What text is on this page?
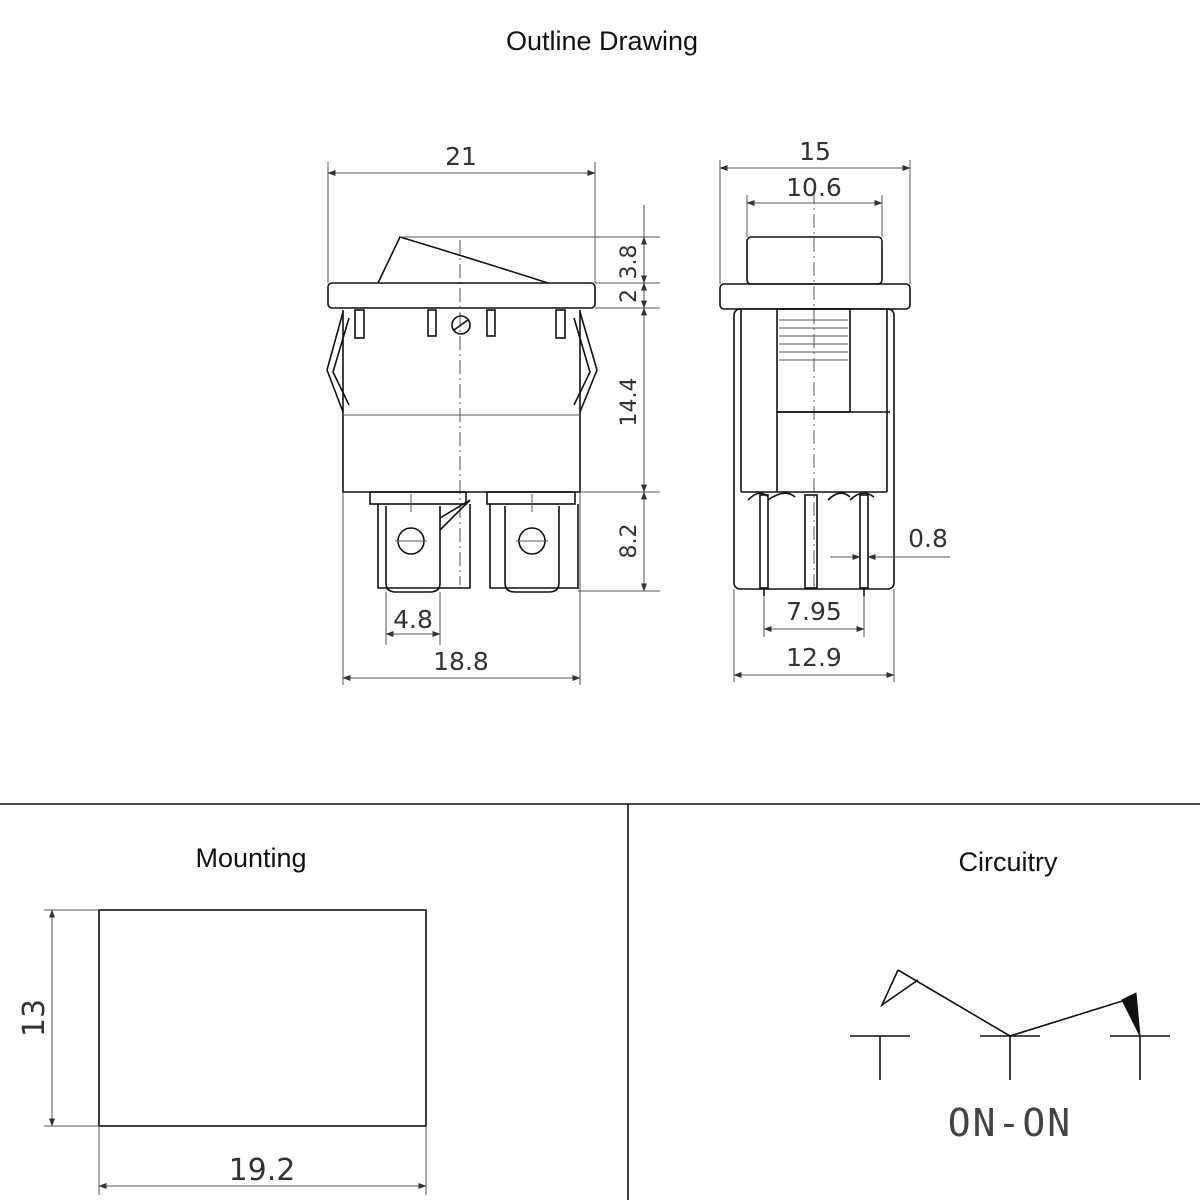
Outline Drawing
Mounting	Circuitry
21
3.8
2
14.4
8.2
4.8
18.8
15
10.6
0.8
7.95
12.9
13
19.2
ON-ON
